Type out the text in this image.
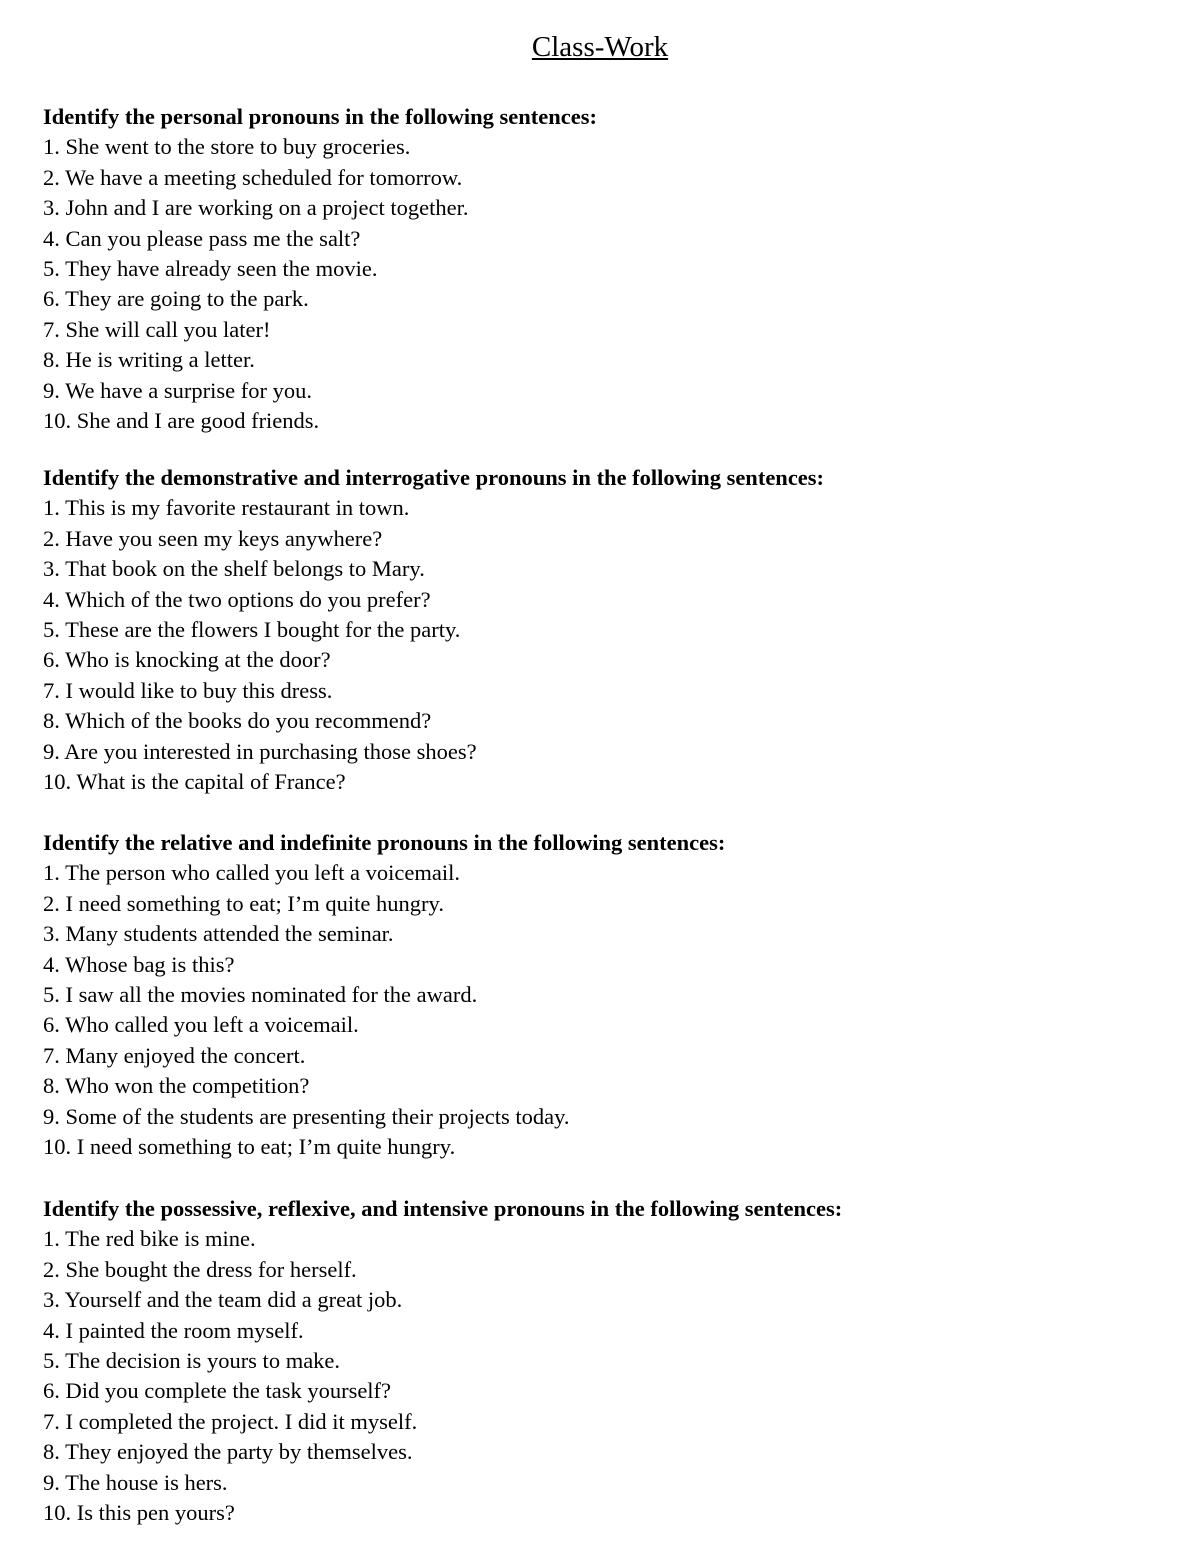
Class-Work
Identify the personal pronouns in the following sentences:
1. She went to the store to buy groceries.
2. We have a meeting scheduled for tomorrow.
3. John and I are working on a project together.
4. Can you please pass me the salt?
5. They have already seen the movie.
6. They are going to the park.
7. She will call you later!
8. He is writing a letter.
9. We have a surprise for you.
10. She and I are good friends.
Identify the demonstrative and interrogative pronouns in the following sentences:
1. This is my favorite restaurant in town.
2. Have you seen my keys anywhere?
3. That book on the shelf belongs to Mary.
4. Which of the two options do you prefer?
5. These are the flowers I bought for the party.
6. Who is knocking at the door?
7. I would like to buy this dress.
8. Which of the books do you recommend?
9. Are you interested in purchasing those shoes?
10. What is the capital of France?
Identify the relative and indefinite pronouns in the following sentences:
1. The person who called you left a voicemail.
2. I need something to eat; I’m quite hungry.
3. Many students attended the seminar.
4. Whose bag is this?
5. I saw all the movies nominated for the award.
6. Who called you left a voicemail.
7. Many enjoyed the concert.
8. Who won the competition?
9. Some of the students are presenting their projects today.
10. I need something to eat; I’m quite hungry.
Identify the possessive, reflexive, and intensive pronouns in the following sentences:
1. The red bike is mine.
2. She bought the dress for herself.
3. Yourself and the team did a great job.
4. I painted the room myself.
5. The decision is yours to make.
6. Did you complete the task yourself?
7. I completed the project. I did it myself.
8. They enjoyed the party by themselves.
9. The house is hers.
10. Is this pen yours?
